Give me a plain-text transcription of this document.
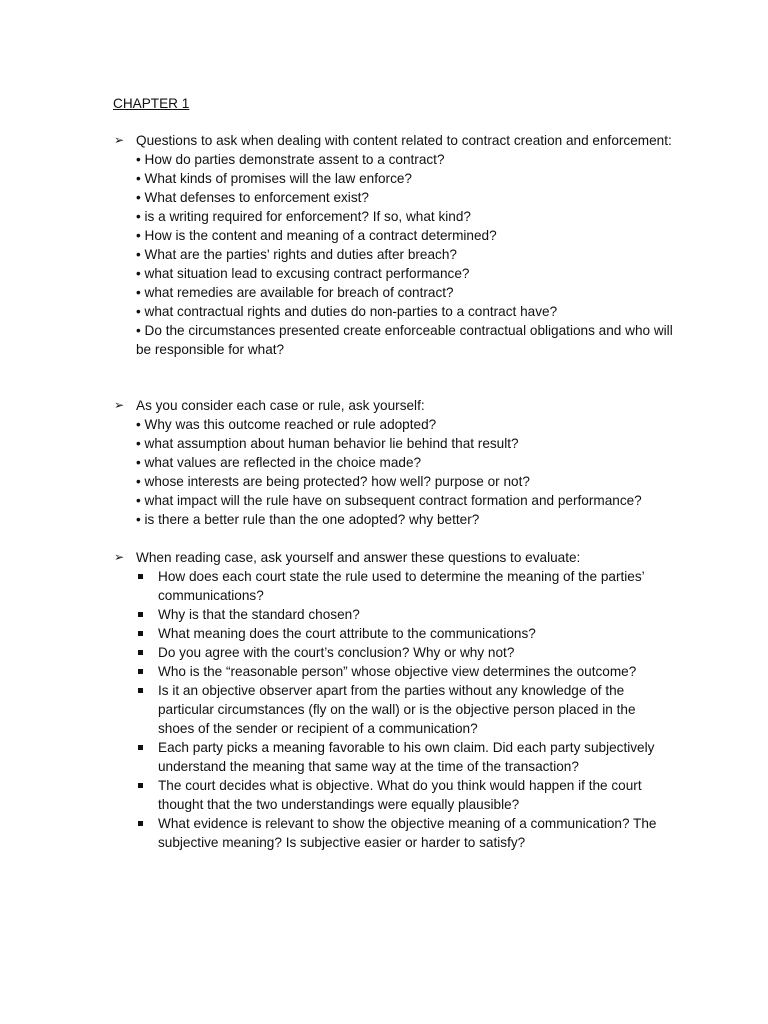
CHAPTER 1
➢ Questions to ask when dealing with content related to contract creation and enforcement:

• How do parties demonstrate assent to a contract?
• What kinds of promises will the law enforce?
• What defenses to enforcement exist?
• is a writing required for enforcement? If so, what kind?
• How is the content and meaning of a contract determined?
• What are the parties' rights and duties after breach?
• what situation lead to excusing contract performance?
• what remedies are available for breach of contract?
• what contractual rights and duties do non-parties to a contract have?
• Do the circumstances presented create enforceable contractual obligations and who will be responsible for what?
➢ As you consider each case or rule, ask yourself:

• Why was this outcome reached or rule adopted?
• what assumption about human behavior lie behind that result?
• what values are reflected in the choice made?
• whose interests are being protected? how well? purpose or not?
• what impact will the rule have on subsequent contract formation and performance?
• is there a better rule than the one adopted? why better?
➢ When reading case, ask yourself and answer these questions to evaluate:

How does each court state the rule used to determine the meaning of the parties’ communications?
Why is that the standard chosen?
What meaning does the court attribute to the communications?
Do you agree with the court’s conclusion? Why or why not?
Who is the “reasonable person” whose objective view determines the outcome?
Is it an objective observer apart from the parties without any knowledge of the particular circumstances (fly on the wall) or is the objective person placed in the shoes of the sender or recipient of a communication?
Each party picks a meaning favorable to his own claim. Did each party subjectively understand the meaning that same way at the time of the transaction?
The court decides what is objective. What do you think would happen if the court thought that the two understandings were equally plausible?
What evidence is relevant to show the objective meaning of a communication? The subjective meaning? Is subjective easier or harder to satisfy?
